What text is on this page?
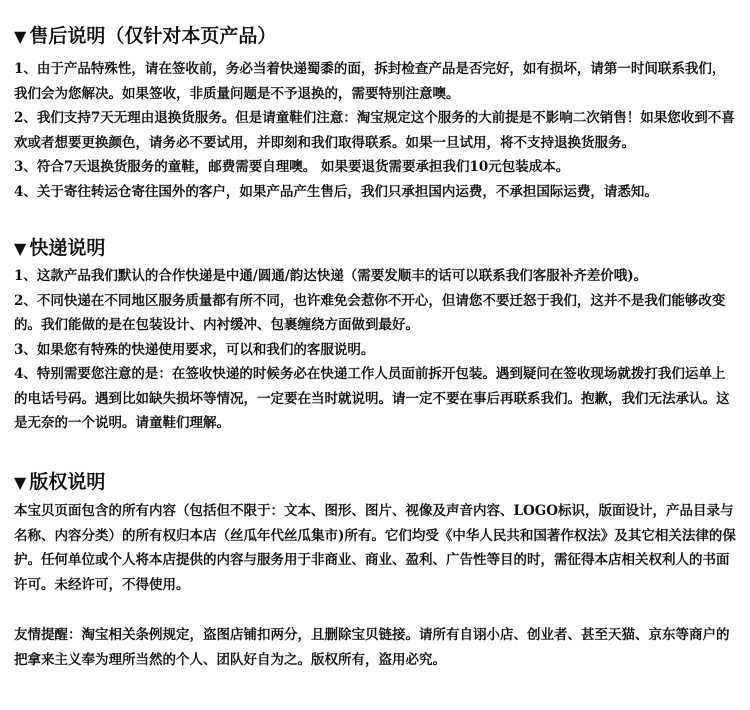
▼ 售后说明（仅针对本页产品）

1、由于产品特殊性，请在签收前，务必当着快递蜀黍的面，拆封检查产品是否完好，如有损坏，请第一时间联系我们，我们会为您解决。如果签收，非质量问题是不予退换的，需要特别注意噢。

2、我们支持7天无理由退换货服务。但是请童鞋们注意：淘宝规定这个服务的大前提是不影响二次销售！如果您收到不喜欢或者想要更换颜色，请务必不要试用，并即刻和我们取得联系。如果一旦试用，将不支持退换货服务。

3、符合7天退换货服务的童鞋，邮费需要自理噢。 如果要退货需要承担我们10元包装成本。

4、关于寄往转运仓寄往国外的客户，如果产品产生售后，我们只承担国内运费，不承担国际运费，请悉知。

▼ 快递说明

1、这款产品我们默认的合作快递是中通/圆通/韵达快递（需要发顺丰的话可以联系我们客服补齐差价哦)。

2、不同快递在不同地区服务质量都有所不同，也许难免会惹你不开心，但请您不要迁怒于我们，这并不是我们能够改变的。我们能做的是在包装设计、内衬缓冲、包裹缠绕方面做到最好。

3、如果您有特殊的快递使用要求，可以和我们的客服说明。

4、特别需要您注意的是：在签收快递的时候务必在快递工作人员面前拆开包装。遇到疑问在签收现场就拨打我们运单上的电话号码。遇到比如缺失损坏等情况，一定要在当时就说明。请一定不要在事后再联系我们。抱歉，我们无法承认。这是无奈的一个说明。请童鞋们理解。

▼ 版权说明

本宝贝页面包含的所有内容（包括但不限于：文本、图形、图片、视像及声音内容、LOGO标识，版面设计，产品目录与名称、内容分类）的所有权归本店（丝瓜年代丝瓜集市)所有。它们均受《中华人民共和国著作权法》及其它相关法律的保护。任何单位或个人将本店提供的内容与服务用于非商业、商业、盈利、广告性等目的时，需征得本店相关权利人的书面许可。未经许可，不得使用。

友情提醒：淘宝相关条例规定，盗图店铺扣两分，且删除宝贝链接。请所有自诩小店、创业者、甚至天猫、京东等商户的把拿来主义奉为理所当然的个人、团队好自为之。版权所有，盗用必究。
